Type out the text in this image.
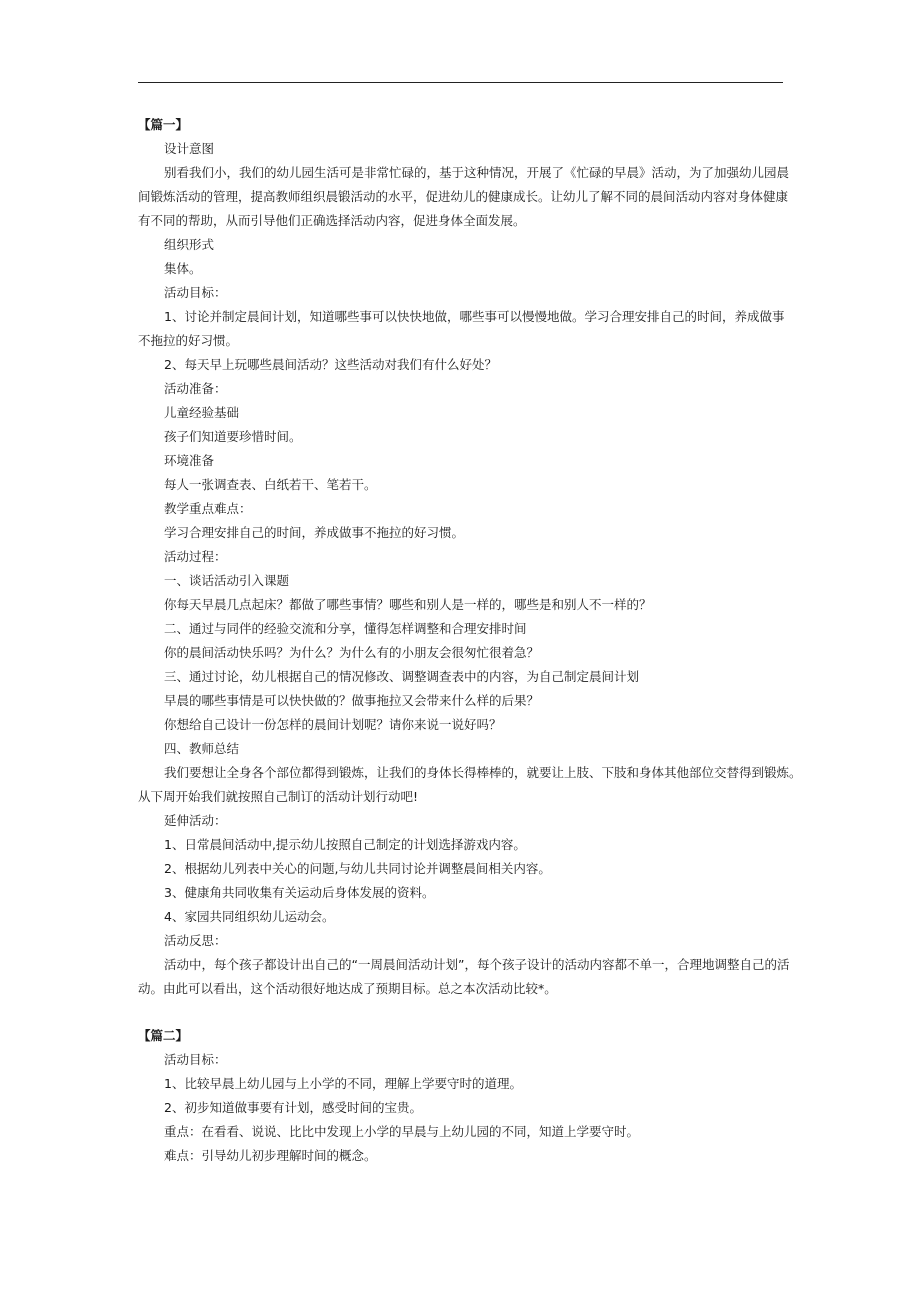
【篇一】
设计意图
别看我们小，我们的幼儿园生活可是非常忙碌的，基于这种情况，开展了《忙碌的早晨》活动，为了加强幼儿园晨
间锻炼活动的管理，提高教师组织晨锻活动的水平，促进幼儿的健康成长。让幼儿了解不同的晨间活动内容对身体健康
有不同的帮助，从而引导他们正确选择活动内容，促进身体全面发展。
组织形式
集体。
活动目标：
1、讨论并制定晨间计划，知道哪些事可以快快地做，哪些事可以慢慢地做。学习合理安排自己的时间，养成做事
不拖拉的好习惯。
2、每天早上玩哪些晨间活动？这些活动对我们有什么好处？
活动准备：
儿童经验基础
孩子们知道要珍惜时间。
环境准备
每人一张调查表、白纸若干、笔若干。
教学重点难点：
学习合理安排自己的时间，养成做事不拖拉的好习惯。
活动过程：
一、谈话活动引入课题
你每天早晨几点起床？都做了哪些事情？哪些和别人是一样的，哪些是和别人不一样的？
二、通过与同伴的经验交流和分享，懂得怎样调整和合理安排时间
你的晨间活动快乐吗？为什么？为什么有的小朋友会很匆忙很着急？
三、通过讨论，幼儿根据自己的情况修改、调整调查表中的内容，为自己制定晨间计划
早晨的哪些事情是可以快快做的？做事拖拉又会带来什么样的后果？
你想给自己设计一份怎样的晨间计划呢？请你来说一说好吗？
四、教师总结
我们要想让全身各个部位都得到锻炼，让我们的身体长得棒棒的，就要让上肢、下肢和身体其他部位交替得到锻炼。
从下周开始我们就按照自己制订的活动计划行动吧!
延伸活动：
1、日常晨间活动中,提示幼儿按照自己制定的计划选择游戏内容。
2、根据幼儿列表中关心的问题,与幼儿共同讨论并调整晨间相关内容。
3、健康角共同收集有关运动后身体发展的资料。
4、家园共同组织幼儿运动会。
活动反思：
活动中，每个孩子都设计出自己的“一周晨间活动计划”，每个孩子设计的活动内容都不单一，合理地调整自己的活
动。由此可以看出，这个活动很好地达成了预期目标。总之本次活动比较*。
【篇二】
活动目标：
1、比较早晨上幼儿园与上小学的不同，理解上学要守时的道理。
2、初步知道做事要有计划，感受时间的宝贵。
重点：在看看、说说、比比中发现上小学的早晨与上幼儿园的不同，知道上学要守时。
难点：引导幼儿初步理解时间的概念。
